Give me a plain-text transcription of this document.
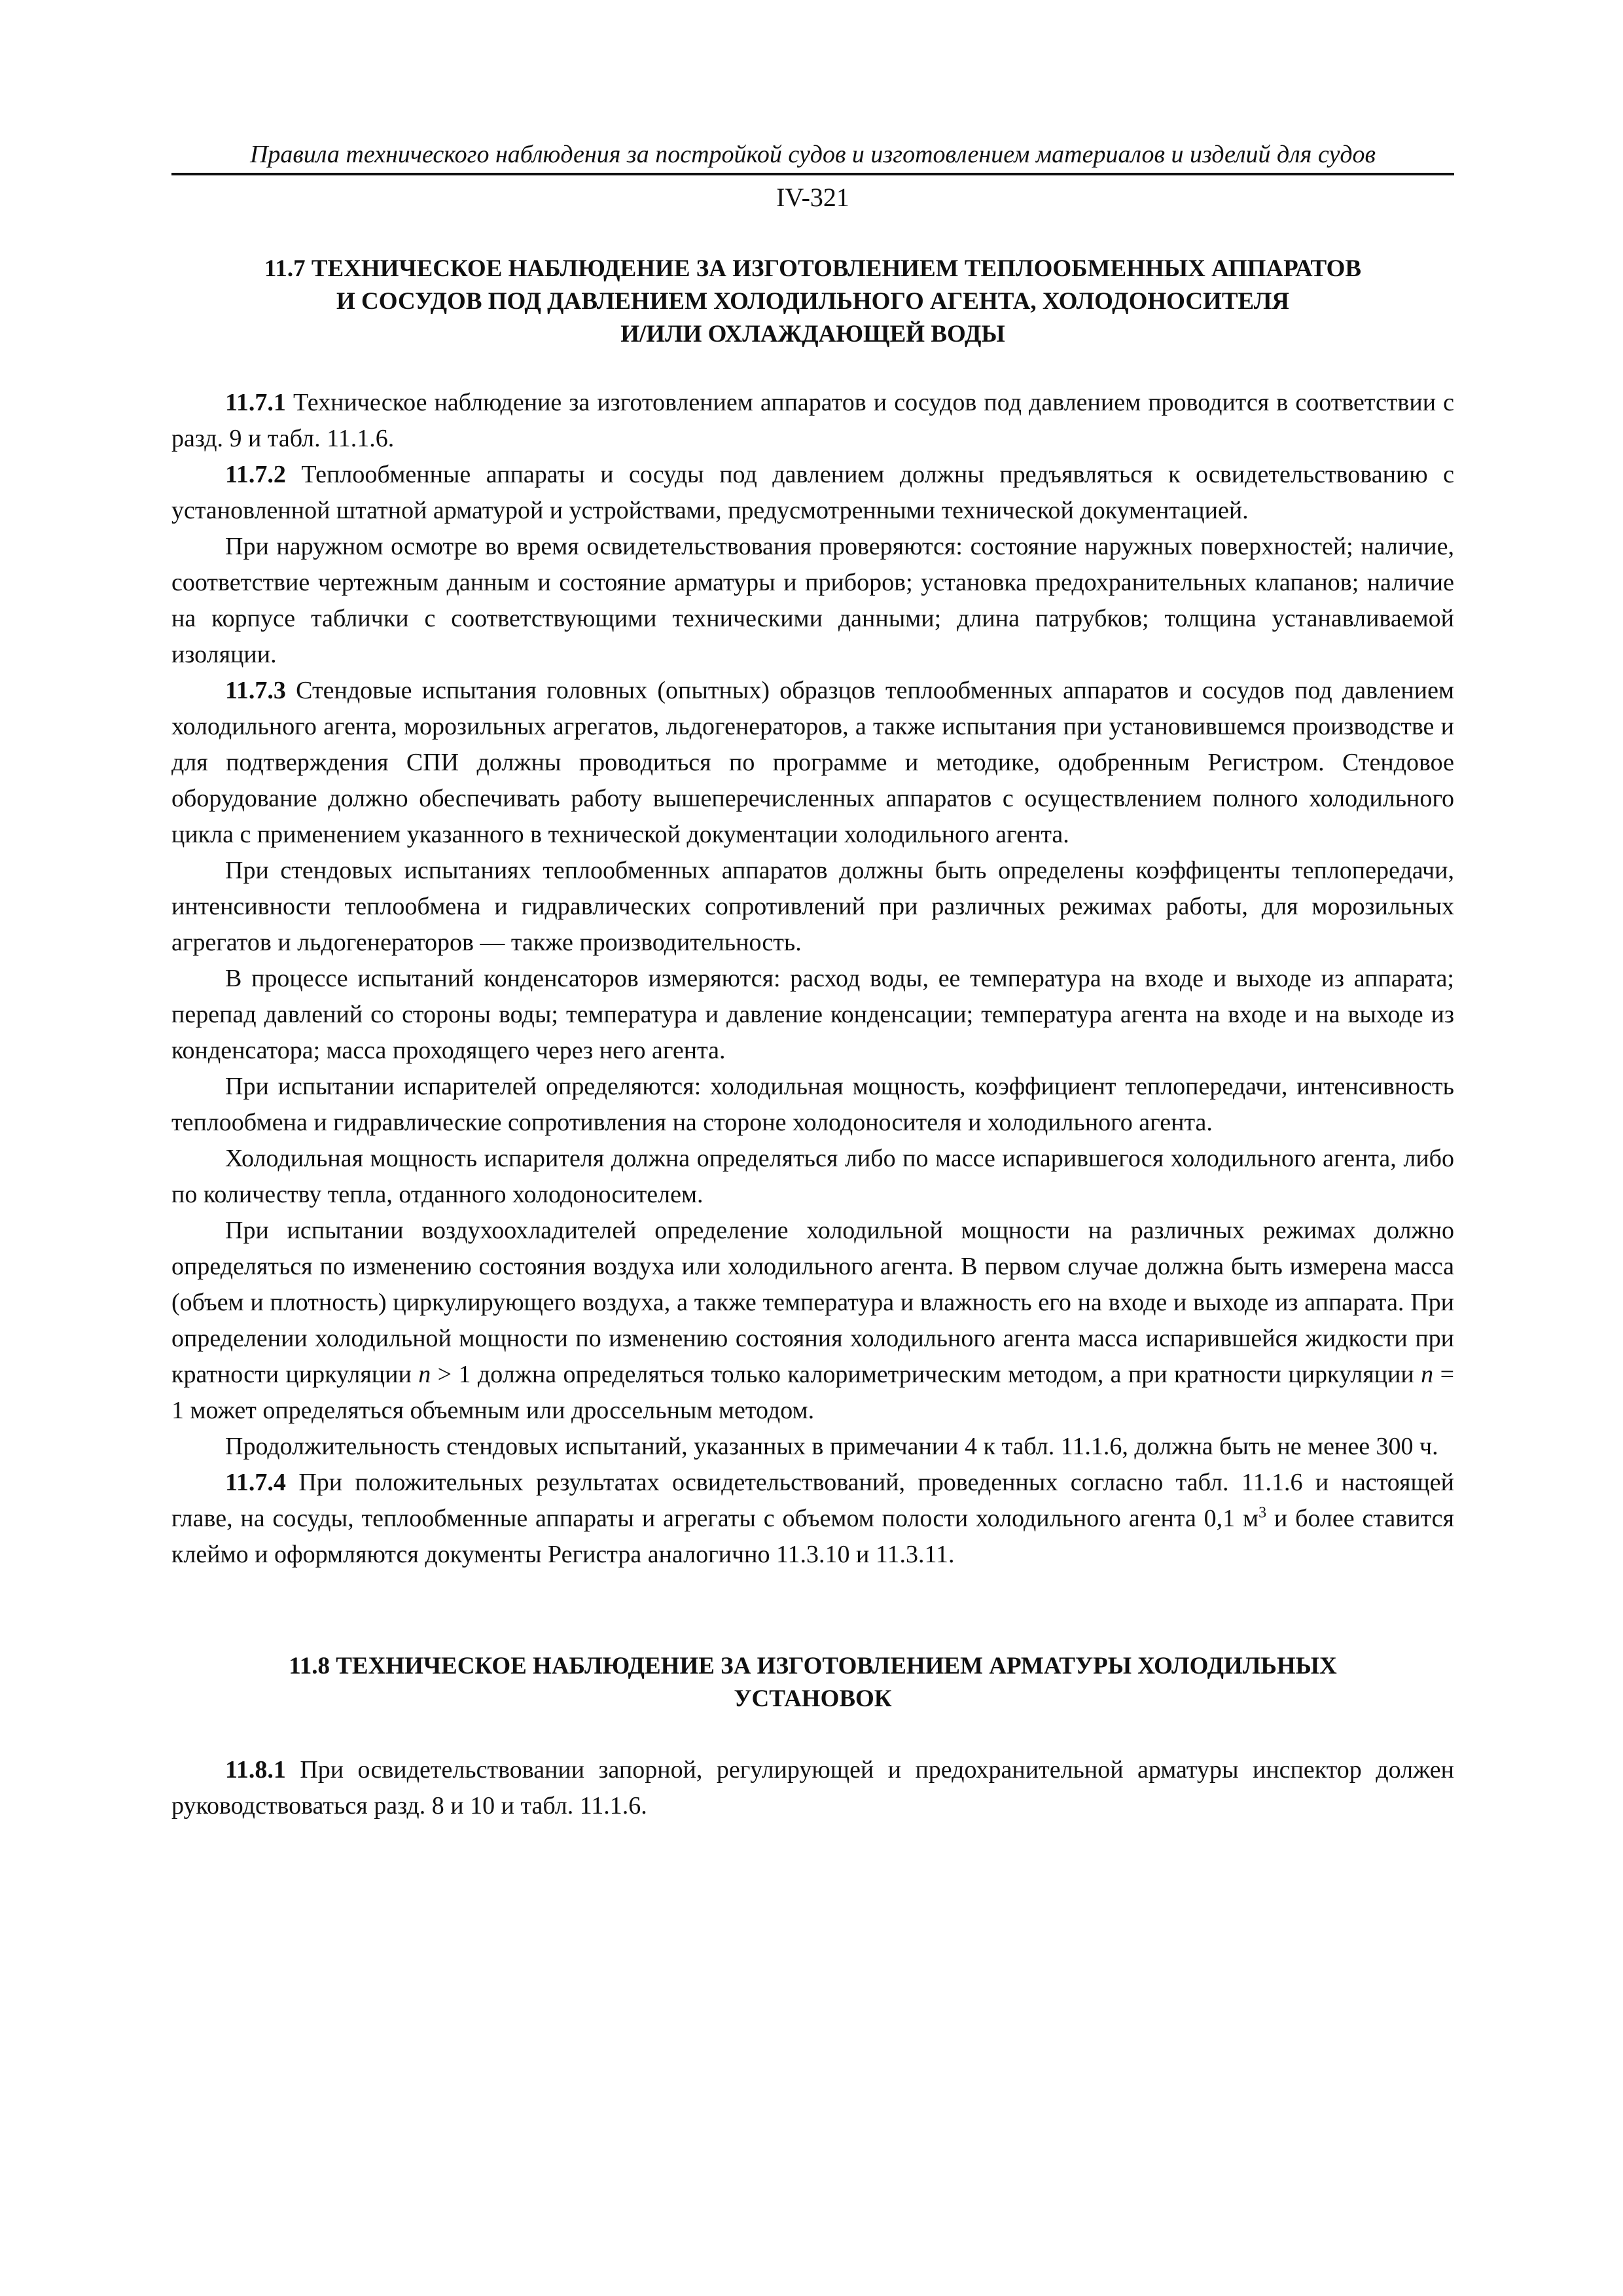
Правила технического наблюдения за постройкой судов и изготовлением материалов и изделий для судов
IV-321
11.7 ТЕХНИЧЕСКОЕ НАБЛЮДЕНИЕ ЗА ИЗГОТОВЛЕНИЕМ ТЕПЛООБМЕННЫХ АППАРАТОВ
И СОСУДОВ ПОД ДАВЛЕНИЕМ ХОЛОДИЛЬНОГО АГЕНТА, ХОЛОДОНОСИТЕЛЯ
И/ИЛИ ОХЛАЖДАЮЩЕЙ ВОДЫ

11.7.1 Техническое наблюдение за изготовлением аппаратов и сосудов под давлением проводится в соответствии с разд. 9 и табл. 11.1.6.

11.7.2 Теплообменные аппараты и сосуды под давлением должны предъявляться к освидетельствованию с установленной штатной арматурой и устройствами, предусмотренными технической документацией.

При наружном осмотре во время освидетельствования проверяются: состояние наружных поверхностей; наличие, соответствие чертежным данным и состояние арматуры и приборов; установка предохранительных клапанов; наличие на корпусе таблички с соответствующими техническими данными; длина патрубков; толщина устанавливаемой изоляции.

11.7.3 Стендовые испытания головных (опытных) образцов теплообменных аппаратов и сосудов под давлением холодильного агента, морозильных агрегатов, льдогенераторов, а также испытания при установившемся производстве и для подтверждения СПИ должны проводиться по программе и методике, одобренным Регистром. Стендовое оборудование должно обеспечивать работу вышеперечисленных аппаратов с осуществлением полного холодильного цикла с применением указанного в технической документации холодильного агента.

При стендовых испытаниях теплообменных аппаратов должны быть определены коэффиценты теплопередачи, интенсивности теплообмена и гидравлических сопротивлений при различных режимах работы, для морозильных агрегатов и льдогенераторов — также производительность.

В процессе испытаний конденсаторов измеряются: расход воды, ее температура на входе и выходе из аппарата; перепад давлений со стороны воды; температура и давление конденсации; температура агента на входе и на выходе из конденсатора; масса проходящего через него агента.

При испытании испарителей определяются: холодильная мощность, коэффициент теплопередачи, интенсивность теплообмена и гидравлические сопротивления на стороне холодоносителя и холодильного агента.

Холодильная мощность испарителя должна определяться либо по массе испарившегося холодильного агента, либо по количеству тепла, отданного холодоносителем.

При испытании воздухоохладителей определение холодильной мощности на различных режимах должно определяться по изменению состояния воздуха или холодильного агента. В первом случае должна быть измерена масса (объем и плотность) циркулирующего воздуха, а также температура и влажность его на входе и выходе из аппарата. При определении холодильной мощности по изменению состояния холодильного агента масса испарившейся жидкости при кратности циркуляции n > 1 должна определяться только калориметрическим методом, а при кратности циркуляции n = 1 может определяться объемным или дроссельным методом.

Продолжительность стендовых испытаний, указанных в примечании 4 к табл. 11.1.6, должна быть не менее 300 ч.

11.7.4 При положительных результатах освидетельствований, проведенных согласно табл. 11.1.6 и настоящей главе, на сосуды, теплообменные аппараты и агрегаты с объемом полости холодильного агента 0,1 $м^3$ и более ставится клеймо и оформляются документы Регистра аналогично 11.3.10 и 11.3.11.

11.8 ТЕХНИЧЕСКОЕ НАБЛЮДЕНИЕ ЗА ИЗГОТОВЛЕНИЕМ АРМАТУРЫ ХОЛОДИЛЬНЫХ
УСТАНОВОК

11.8.1 При освидетельствовании запорной, регулирующей и предохранительной арматуры инспектор должен руководствоваться разд. 8 и 10 и табл. 11.1.6.
